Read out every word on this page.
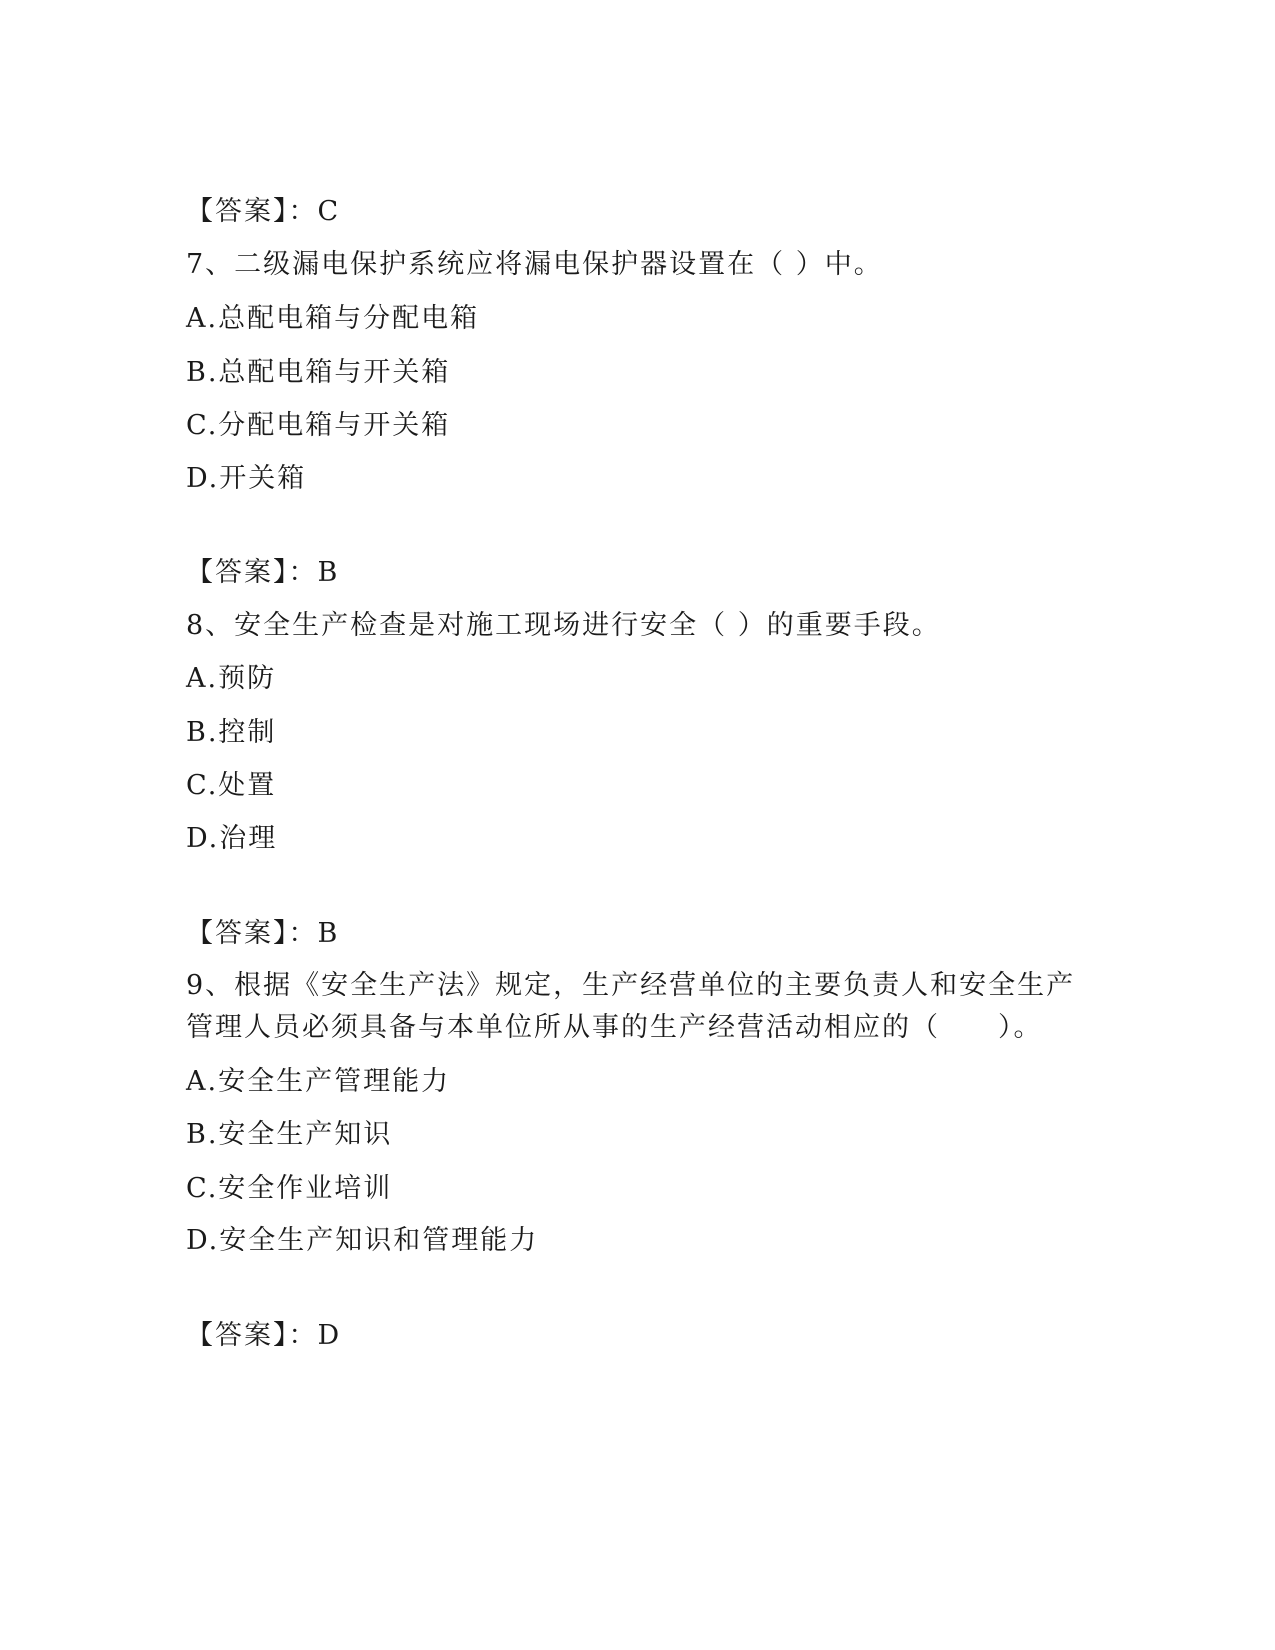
【答案】：C
7、二级漏电保护系统应将漏电保护器设置在（ ）中。
A.总配电箱与分配电箱
B.总配电箱与开关箱
C.分配电箱与开关箱
D.开关箱
【答案】：B
8、安全生产检查是对施工现场进行安全（ ）的重要手段。
A.预防
B.控制
C.处置
D.治理
【答案】：B
9、根据《安全生产法》规定，生产经营单位的主要负责人和安全生产
管理人员必须具备与本单位所从事的生产经营活动相应的（　　）。
A.安全生产管理能力
B.安全生产知识
C.安全作业培训
D.安全生产知识和管理能力
【答案】：D
